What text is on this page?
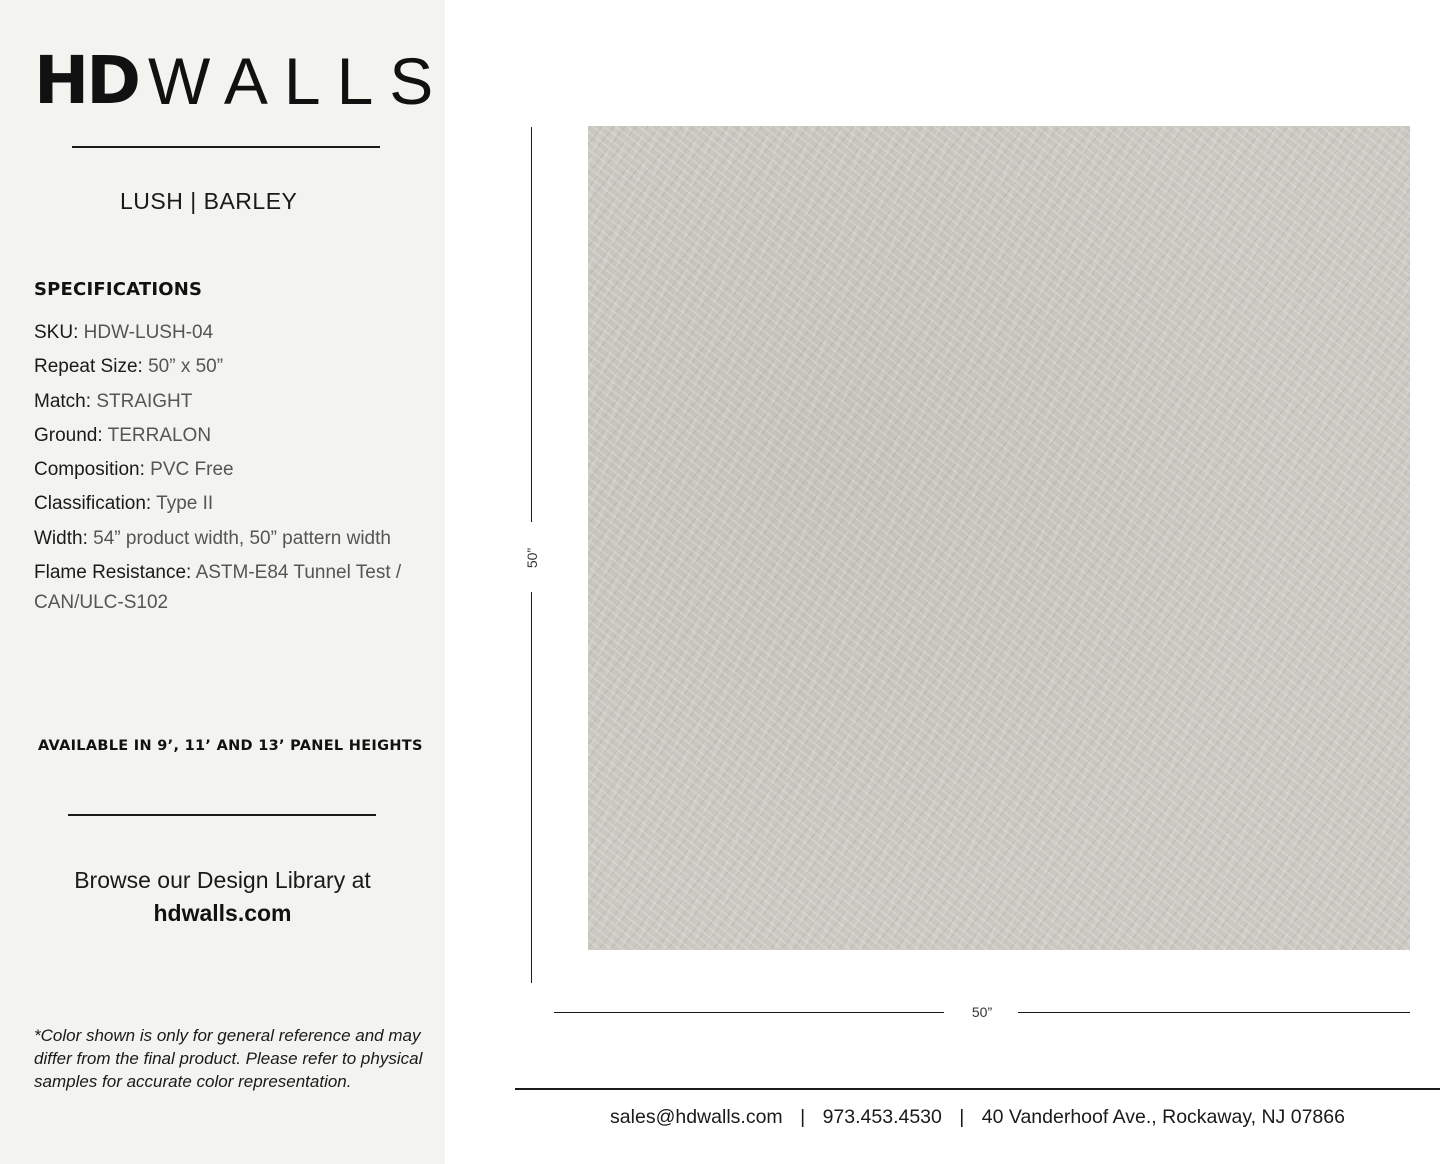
HD WALLS
LUSH | BARLEY
SPECIFICATIONS
SKU: HDW-LUSH-04
Repeat Size: 50” x 50”
Match: STRAIGHT
Ground: TERRALON
Composition: PVC Free
Classification: Type II
Width: 54” product width, 50” pattern width
Flame Resistance: ASTM-E84 Tunnel Test / CAN/ULC-S102
AVAILABLE IN 9’, 11’ AND 13’ PANEL HEIGHTS
Browse our Design Library at
hdwalls.com
*Color shown is only for general reference and may differ from the final product. Please refer to physical samples for accurate color representation.
50”
50”
sales@hdwalls.com | 973.453.4530 | 40 Vanderhoof Ave., Rockaway, NJ 07866
